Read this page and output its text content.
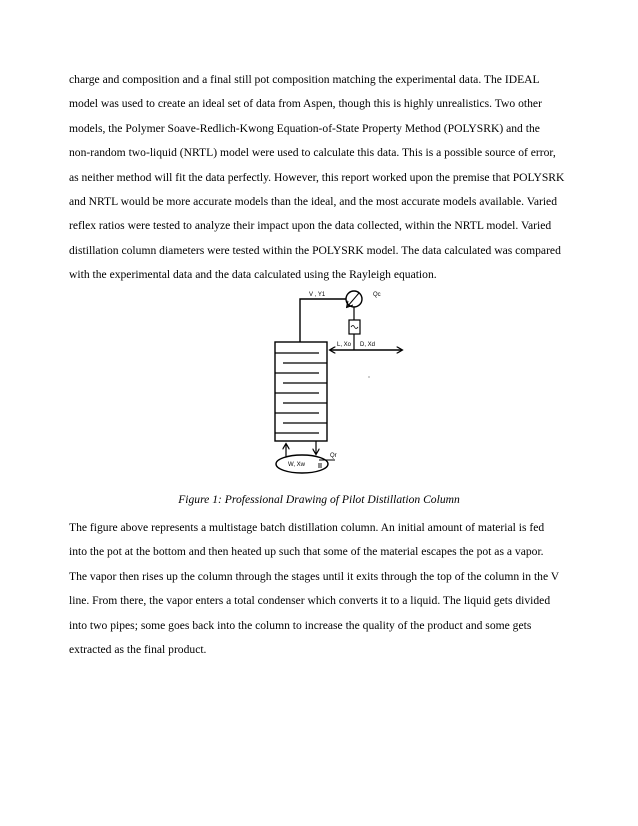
charge and composition and a final still pot composition matching the experimental data. The IDEAL
model was used to create an ideal set of data from Aspen, though this is highly unrealistics. Two other
models, the Polymer Soave-Redlich-Kwong Equation-of-State Property Method (POLYSRK) and the
non-random two-liquid (NRTL) model were used to calculate this data. This is a possible source of error,
as neither method will fit the data perfectly. However, this report worked upon the premise that POLYSRK
and NRTL would be more accurate models than the ideal, and the most accurate models available. Varied
reflex ratios were tested to analyze their impact upon the data collected, within the NRTL model. Varied
distillation column diameters were tested within the POLYSRK model. The data calculated was compared
with the experimental data and the data calculated using the Rayleigh equation.
V , Y1	Qc
L, Xo D, Xd
W, Xw
Qr
Figure 1: Professional Drawing of Pilot Distillation Column
The figure above represents a multistage batch distillation column. An initial amount of material is fed
into the pot at the bottom and then heated up such that some of the material escapes the pot as a vapor.
The vapor then rises up the column through the stages until it exits through the top of the column in the V
line. From there, the vapor enters a total condenser which converts it to a liquid. The liquid gets divided
into two pipes; some goes back into the column to increase the quality of the product and some gets
extracted as the final product.
